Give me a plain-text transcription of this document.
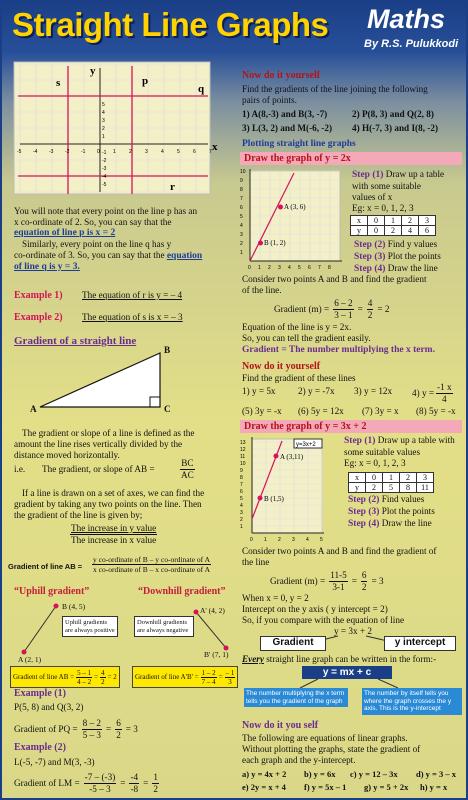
Straight Line Graphs Maths
By R.S. Pulukkodi
s
y
p
q
x
r
-5 -4 -3 -2 -1 0	1	2	3	4	5	6	7
5
4
3
2
1
-1
-2
-3
-4
-5
You will note that every point on the line p has an
x co-ordinate of 2. So, you can say that the
equation of line p is x = 2
Similarly, every point on the line q has y
co-ordinate of 3. So, you can say that the equation
of line q is y = 3.
Example 1) The equation of r is y = – 4
Example 2) The equation of s is x = – 3
Gradient of a straight line
B
A	C
The gradient or slope of a line is defined as the
amount the line rises vertically divided by the
distance moved horizontally.
i.e. The gradient, or slope of AB =	$\frac{BC}{AC}$
If a line is drawn on a set of axes, we can find the
gradient by taking any two points on the line. Then
the gradient of the line is given by;
The increase in y value
The increase in x value
Gradient of line AB =
y co-ordinate of B – y co-ordinate of A
x co-ordinate of B – x co-ordinate of A
“Uphill gradient”	“Downhill gradient”
B (4, 5)
A (2, 1)
Uphill gradients are always positive
A' (4, 2)
B' (7, 1)
Downhill gradients are always negative
Gradient of line AB = $\frac{5 - 1}{4 - 2} = \frac{4}{2} = 2$	Gradient of line $A'B' = \frac{1 - 2}{7 - 4} = \frac{- 1}{3}$
Example (1)
P(5, 8) and Q(3, 2)
Gradient of PQ = $\frac{8 - 2}{5 - 3} = \frac{6}{2} = 3$
Example (2)
L(-5, -7) and M(3, -3)
Gradient of LM = $\frac{-7 - (-3)}{-5 - 3} = \frac{-4}{-8} = \frac{1}{2}$
Now do it yourself
Find the gradients of the line joining the following
pairs of points.
1) A(8,-3) and B(3, -7)	2) P(8, 3) and Q(2, 8)
3) L(3, 2) and M(-6, -2) 4) H(-7, 3) and I(8, -2)
Plotting straight line graphs
Draw the graph of y = 2x
A (3, 6)
B (1, 2)
10
9
8
7
6
5
4
3
2
1
0 1 2 3 4 5 6 7 8
Step (1) Draw up a table
with some suitable
values of x
Eg: x = 0, 1, 2, 3
x	0	1	2	3
y	0	2	4	6
Step (2) Find y values
Step (3) Plot the points
Step (4) Draw the line
Consider two points A and B and find the gradient
of the line.
Gradient $(m) = \frac{6 - 2}{3 - 1} = \frac{4}{2} = 2$
Equation of the line is y = 2x.
So, you can tell the gradient easily.
Gradient = The number multiplying the x term.
Now do it yourself
Find the gradient of these lines
1) y = 5x 2) y = -7x 3) y = 12x 4) $y = \frac{-1 x}{4}$
(5) 3y = -x (6) 5y = 12x (7) 3y = x (8) 5y = -x
Draw the graph of y = 3x + 2
y=3x+2
A (3,11)
B (1,5)
13
12
11
10
9
8
7
6
5
4
3
2
1
0 1 2 3 4 5
Step (1) Draw up a table with
some suitable values
Eg: x = 0, 1, 2, 3
x	0	1	2	3
y	2	5	8	11
Step (2) Find values
Step (3) Plot the points
Step (4) Draw the line
Consider two points A and B and find the gradient of
the line
Gradient $(m) = \frac{11-5}{3-1} = \frac{6}{2} = 3$
When x = 0, y = 2
Intercept on the y axis ( y intercept = 2)
So, if you compare with the equation of line
y = 3x + 2
Gradient	y intercept
Every straight line graph can be written in the form:-
y = mx + c
The number multiplying the x term tells you the gradient of the graph
The number by itself tells you where the graph crosses the y axis. This is the y-intercept
Now do it you self
The following are equations of linear graphs.
Without plotting the graphs, state the gradient of
each graph and the y-intercept.
a) y = 4x + 2 b) y = 6x c) y = 12 – 3x d) y = 3 – x
e) 2y = x + 4 f) y = 5x – 1 g) y = 5 + 2x h) y = x
